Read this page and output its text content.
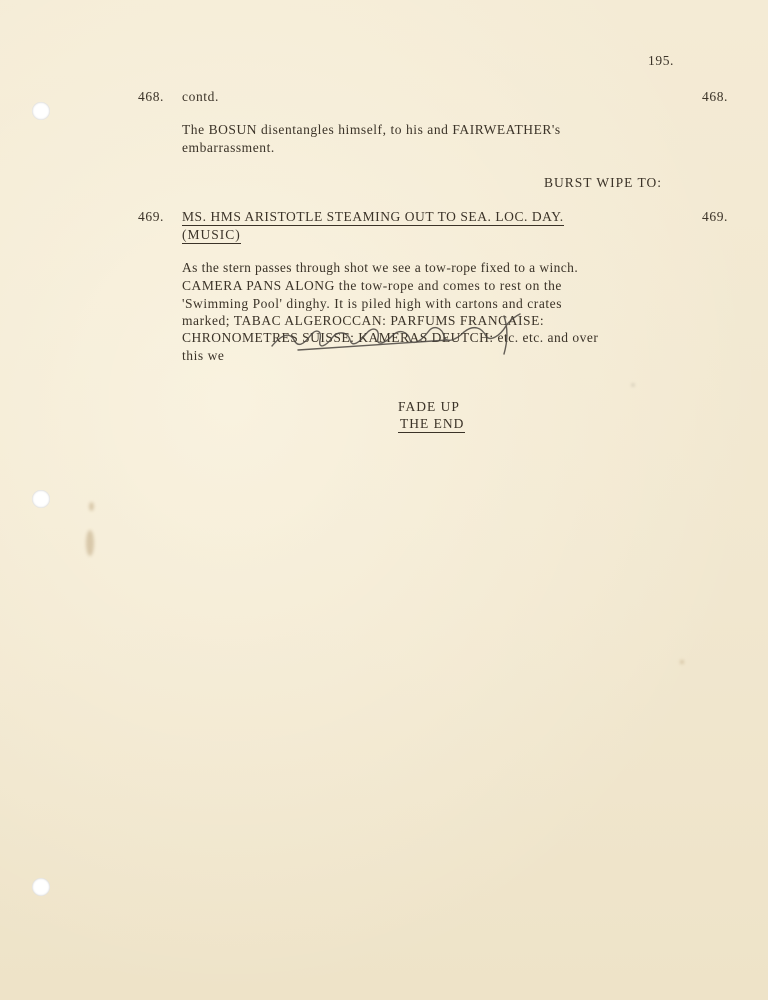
195.

468. contd.	468.

The BOSUN disentangles himself, to his and FAIRWEATHER's

embarrassment.

BURST WIPE TO:

469. MS. HMS ARISTOTLE STEAMING OUT TO SEA. LOC. DAY.	469.

(MUSIC)

As the stern passes through shot we see a tow-rope fixed to a winch.

CAMERA PANS ALONG the tow-rope and comes to rest on the

'Swimming Pool' dinghy. It is piled high with cartons and crates

marked; TABAC ALGEROCCAN: PARFUMS FRANCAISE:

CHRONOMETRES SUISSE: KAMERAS DEUTCH: etc. etc. and over

this we

FADE UP

THE END
